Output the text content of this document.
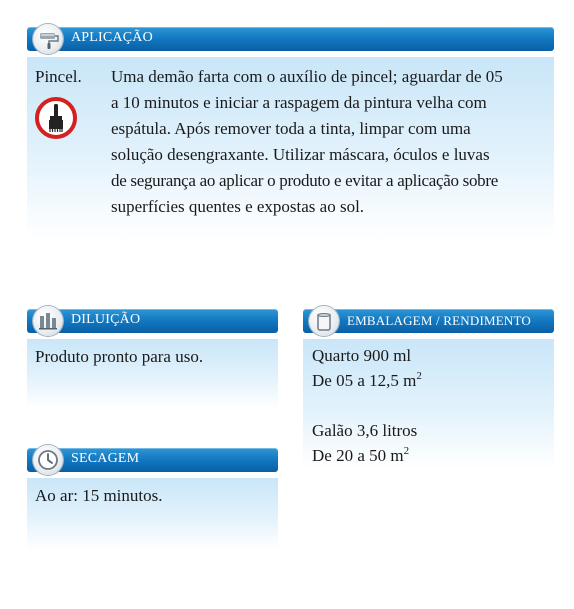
APLICAÇÃO
Pincel. Uma demão farta com o auxílio de pincel; aguardar de 05
a 10 minutos e iniciar a raspagem da pintura velha com
espátula. Após remover toda a tinta, limpar com uma
solução desengraxante. Utilizar máscara, óculos e luvas
de segurança ao aplicar o produto e evitar a aplicação sobre
superfícies quentes e expostas ao sol.
DILUIÇÃO
Produto pronto para uso.
SECAGEM
Ao ar: 15 minutos.
EMBALAGEM / RENDIMENTO
Quarto 900 ml
De 05 a 12,5 $m^2$
Galão 3,6 litros
De 20 a 50 $m^2$
